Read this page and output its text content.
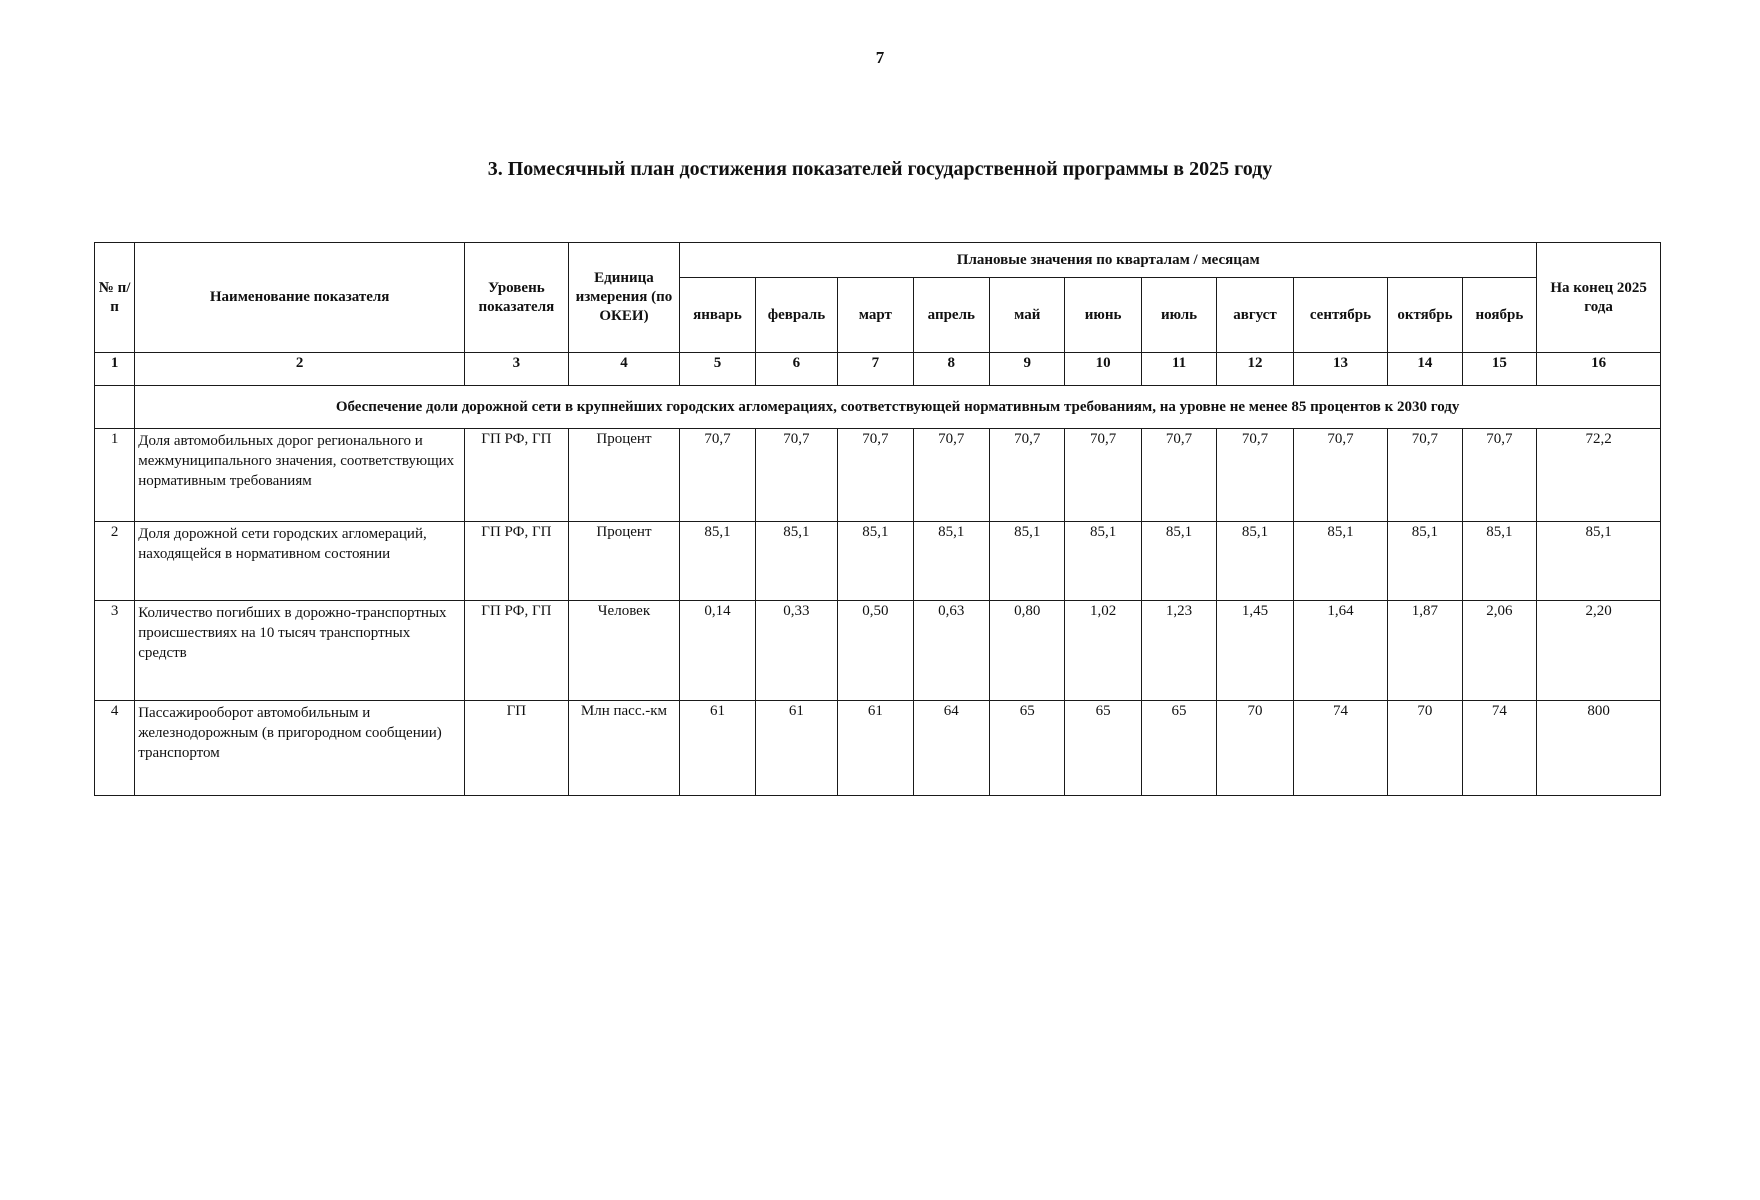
7
3. Помесячный план достижения показателей государственной программы в 2025 году
№ п/п	Наименование показателя	Уровень показателя	Единица измерения (по ОКЕИ)	Плановые значения по кварталам / месяцам											На конец 2025 года
				январь	февраль	март	апрель	май	июнь	июль	август	сентябрь	октябрь	ноябрь	
1	2	3	4	5	6	7	8	9	10	11	12	13	14	15	16
	Обеспечение доли дорожной сети в крупнейших городских агломерациях, соответствующей нормативным требованиям, на уровне не менее 85 процентов к 2030 году														
1	Доля автомобильных дорог регионального и межмуниципального значения, соответствующих нормативным требованиям	ГП РФ, ГП	Процент	70,7	70,7	70,7	70,7	70,7	70,7	70,7	70,7	70,7	70,7	70,7	72,2
2	Доля дорожной сети городских агломераций, находящейся в нормативном состоянии	ГП РФ, ГП	Процент	85,1	85,1	85,1	85,1	85,1	85,1	85,1	85,1	85,1	85,1	85,1	85,1
3	Количество погибших в дорожно-транспортных происшествиях на 10 тысяч транспортных средств	ГП РФ, ГП	Человек	0,14	0,33	0,50	0,63	0,80	1,02	1,23	1,45	1,64	1,87	2,06	2,20
4	Пассажирооборот автомобильным и железнодорожным (в пригородном сообщении) транспортом	ГП	Млн пасс.-км	61	61	61	64	65	65	65	70	74	70	74	800
